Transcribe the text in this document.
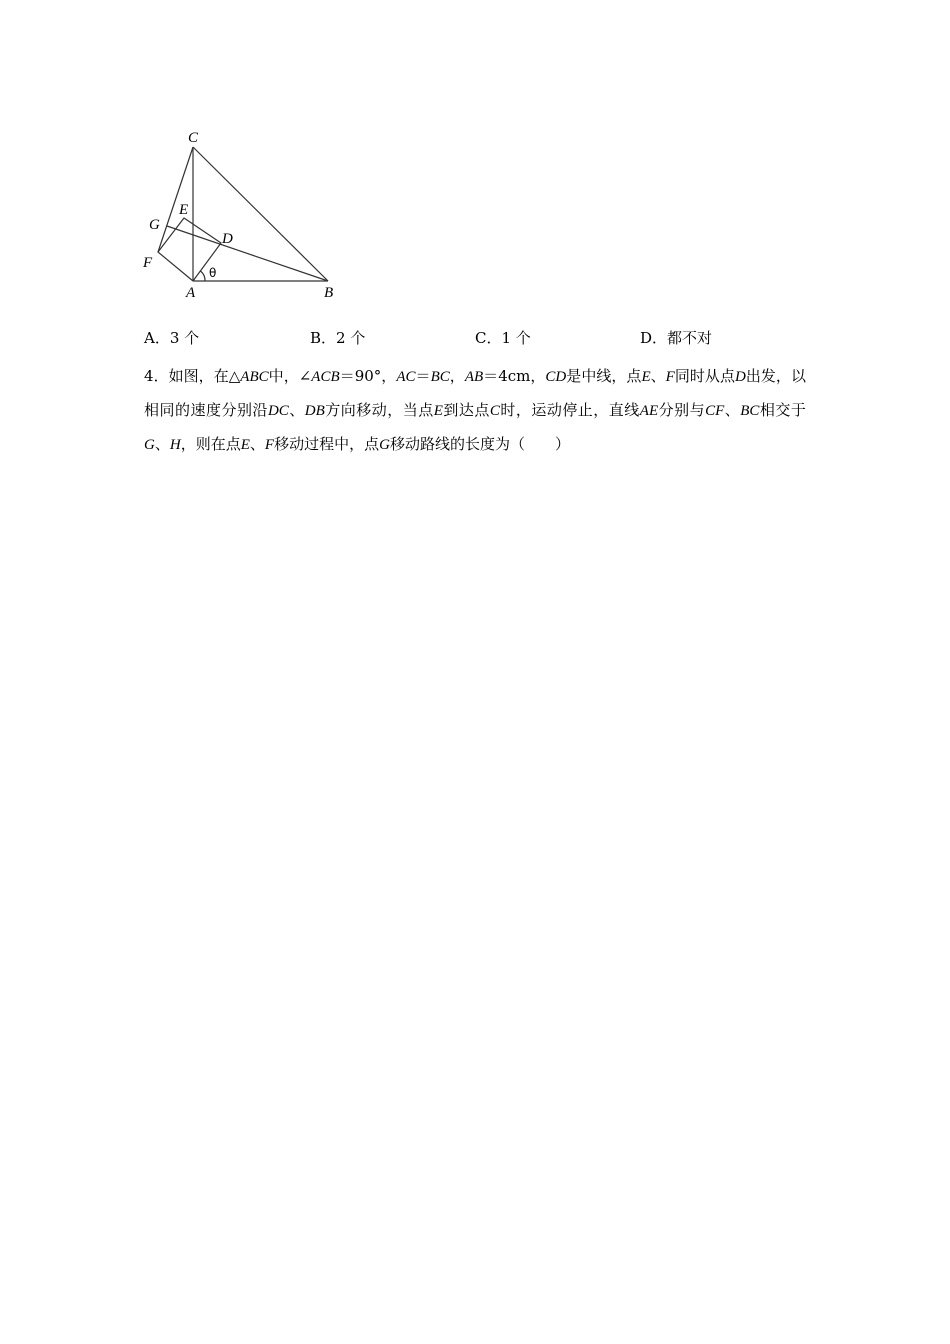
C
E
G
D
F
A	B
θ
A．3 个	B．2 个	C．1 个	D．都不对
4．如图，在△ABC中，∠ACB＝90°，AC＝BC，AB＝4cm，CD是中线，点E、F同时从点D出发，以相同的速度分别沿DC、DB方向移动，当点E到达点C时，运动停止，直线AE分别与CF、BC相交于G、H，则在点E、F移动过程中，点G移动路线的长度为（　　）
